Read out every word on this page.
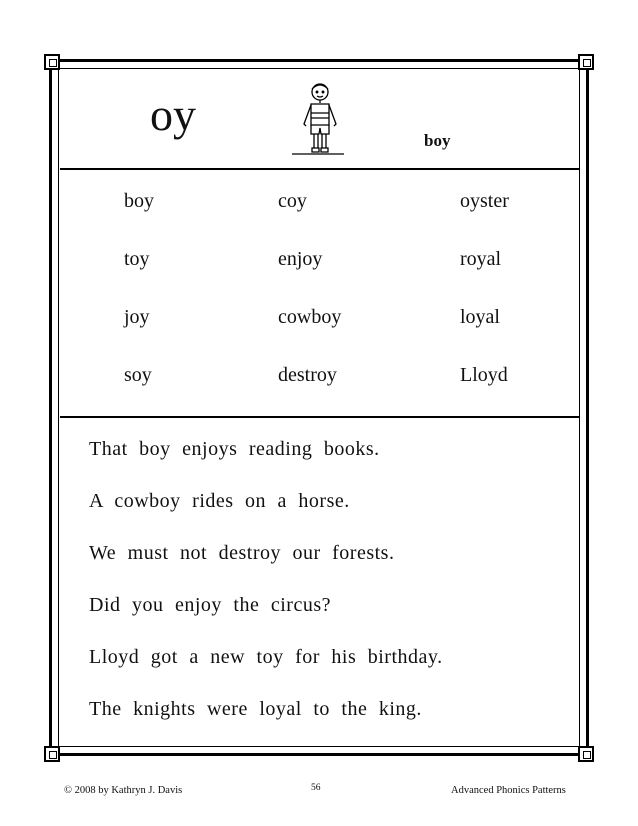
oy
boy
boy	coy	oyster
toy	enjoy	royal
joy	cowboy	loyal
soy	destroy	Lloyd
That boy enjoys reading books.
A cowboy rides on a horse.
We must not destroy our forests.
Did you enjoy the circus?
Lloyd got a new toy for his birthday.
The knights were loyal to the king.
© 2008 by Kathryn J. Davis	56	Advanced Phonics Patterns
